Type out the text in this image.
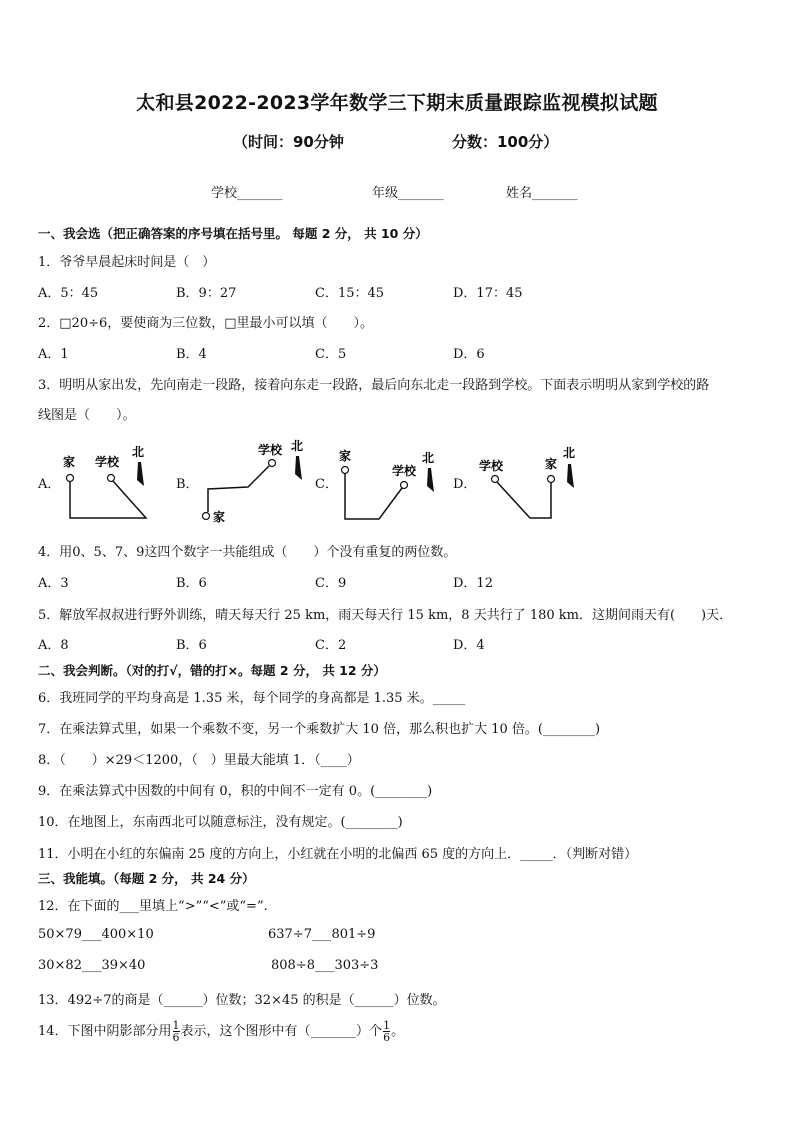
太和县2022-2023学年数学三下期末质量跟踪监视模拟试题
（时间：90分钟	分数：100分）
学校_______	年级_______	姓名_______
一、我会选（把正确答案的序号填在括号里。 每题 2 分， 共 10 分）
1．爷爷早晨起床时间是（　）
A．5：45	B．9：27	C．15：45	D．17：45
2．□20÷6，要使商为三位数，□里最小可以填（　　）。
A．1	B．4	C．5	D．6
3．明明从家出发，先向南走一段路，接着向东走一段路，最后向东北走一段路到学校。下面表示明明从家到学校的路
线图是（　　）。
A．	B．	C．	D．
家 学校
北	学校 北
家
家
学校
北
学校	家
北
4．用0、5、7、9这四个数字一共能组成（　　）个没有重复的两位数。
A．3	B．6	C．9	D．12
5．解放军叔叔进行野外训练，晴天每天行 25 km，雨天每天行 15 km，8 天共行了 180 km．这期间雨天有(　　)天．
A．8	B．6	C．2	D．4
二、我会判断。（对的打√，错的打×。每题 2 分， 共 12 分）
6．我班同学的平均身高是 1.35 米，每个同学的身高都是 1.35 米。_____
7．在乘法算式里，如果一个乘数不变，另一个乘数扩大 10 倍，那么积也扩大 10 倍。(________)
8．（　　）×29＜1200，（　）里最大能填 1．（____）
9．在乘法算式中因数的中间有 0，积的中间不一定有 0。(________)
10．在地图上，东南西北可以随意标注，没有规定。(________)
11．小明在小红的东偏南 25 度的方向上，小红就在小明的北偏西 65 度的方向上．_____．（判断对错）
三、我能填。（每题 2 分， 共 24 分）
12．在下面的___里填上“>”“<”或“=”.
50×79___400×10	637÷7___801÷9
30×82___39×40	808÷8___303÷3
13．492÷7的商是（______）位数；32×45 的积是（______）位数。
14．下图中阴影部分用 $\frac{1}{6}$ 表示，这个图形中有（_______）个 $\frac{1}{6}$ 。
